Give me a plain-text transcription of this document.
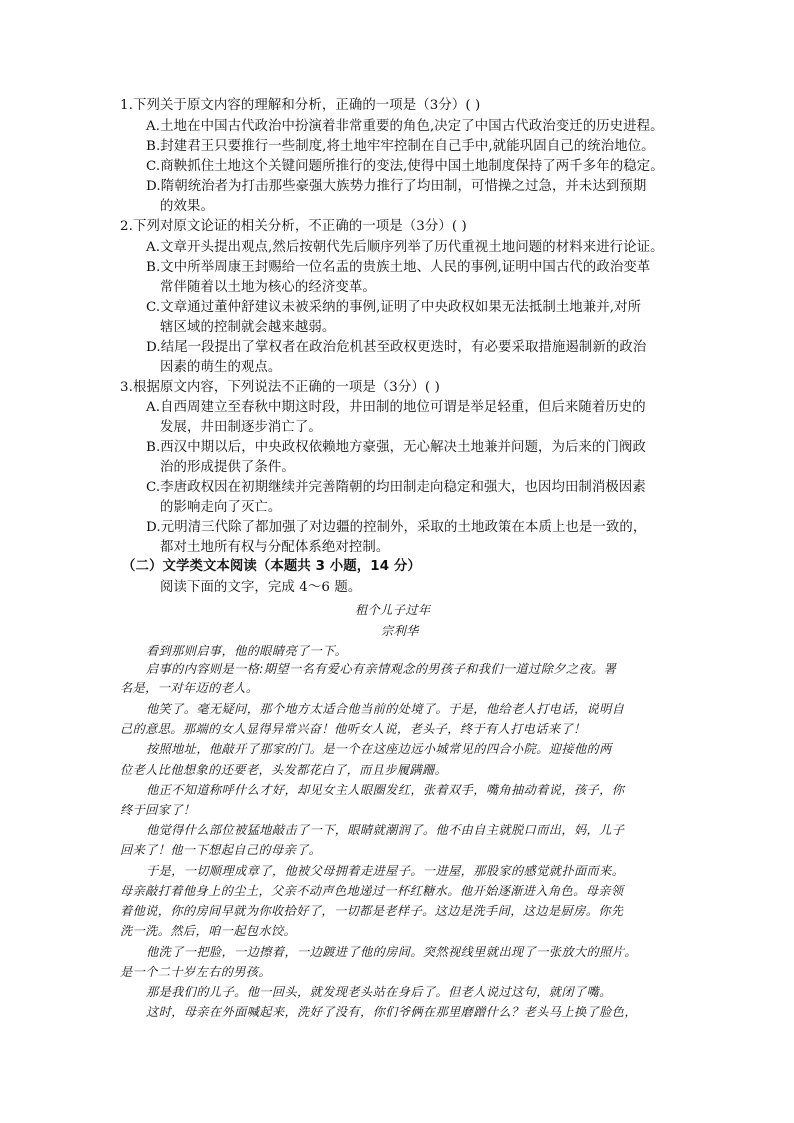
1.下列关于原文内容的理解和分析，正确的一项是（3分）( )
A.土地在中国古代政治中扮演着非常重要的角色,决定了中国古代政治变迁的历史进程。
B.封建君王只要推行一些制度,将土地牢牢控制在自己手中,就能巩固自己的统治地位。
C.商鞅抓住土地这个关键问题所推行的变法,使得中国土地制度保持了两千多年的稳定。
D.隋朝统治者为打击那些豪强大族势力推行了均田制，可惜操之过急，并未达到预期
的效果。
2.下列对原文论证的相关分析，不正确的一项是（3分）( )
A.文章开头提出观点,然后按朝代先后顺序列举了历代重视土地问题的材料来进行论证。
B.文中所举周康王封赐给一位名盂的贵族土地、人民的事例,证明中国古代的政治变革
常伴随着以土地为核心的经济变革。
C.文章通过董仲舒建议未被采纳的事例,证明了中央政权如果无法抵制土地兼并,对所
辖区域的控制就会越来越弱。
D.结尾一段提出了掌权者在政治危机甚至政权更迭时，有必要采取措施遏制新的政治
因素的萌生的观点。
3.根据原文内容，下列说法不正确的一项是（3分）( )
A.自西周建立至春秋中期这时段，井田制的地位可谓是举足轻重，但后来随着历史的
发展，井田制逐步消亡了。
B.西汉中期以后，中央政权依赖地方豪强，无心解决土地兼并问题，为后来的门阀政
治的形成提供了条件。
C.李唐政权因在初期继续并完善隋朝的均田制走向稳定和强大，也因均田制消极因素
的影响走向了灭亡。
D.元明清三代除了都加强了对边疆的控制外，采取的土地政策在本质上也是一致的，
都对土地所有权与分配体系绝对控制。
（二）文学类文本阅读（本题共 3 小题，14 分）
阅读下面的文字，完成 4～6 题。
租个儿子过年
宗利华
看到那则启事，他的眼睛亮了一下。
启事的内容则是一格:期望一名有爱心有亲情观念的男孩子和我们一道过除夕之夜。署
名是，一对年迈的老人。
他笑了。毫无疑问，那个地方太适合他当前的处境了。于是，他给老人打电话，说明自
己的意思。那端的女人显得异常兴奋！他听女人说，老头子，终于有人打电话来了！
按照地址，他敲开了那家的门。是一个在这座边远小城常见的四合小院。迎接他的两
位老人比他想象的还要老，头发都花白了，而且步履蹒跚。
他正不知道称呼什么才好，却见女主人眼圈发红，张着双手，嘴角抽动着说，孩子，你
终于回家了！
他觉得什么部位被猛地敲击了一下，眼睛就潮润了。他不由自主就脱口而出，妈，儿子
回来了！他一下想起自己的母亲了。
于是，一切顺理成章了，他被父母拥着走进屋子。一进屋，那股家的感觉就扑面而来。
母亲敲打着他身上的尘土，父亲不动声色地递过一杯红糖水。他开始逐渐进入角色。母亲领
着他说，你的房间早就为你收拾好了，一切都是老样子。这边是洗手间，这边是厨房。你先
洗一洗。然后，咱一起包水饺。
他洗了一把脸，一边擦着，一边踱进了他的房间。突然视线里就出现了一张放大的照片。
是一个二十岁左右的男孩。
那是我们的儿子。他一回头，就发现老头站在身后了。但老人说过这句，就闭了嘴。
这时，母亲在外面喊起来，洗好了没有，你们爷俩在那里磨蹭什么？老头马上换了脸色，
